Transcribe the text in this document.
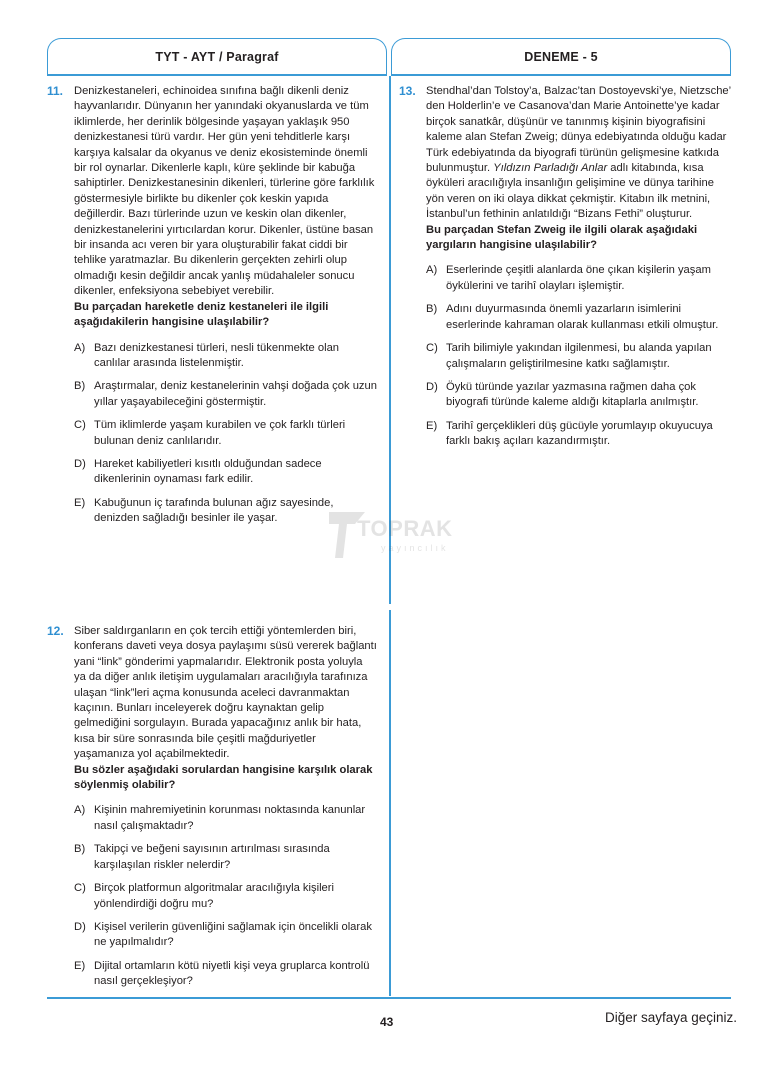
TYT - AYT / Paragraf	DENEME - 5
11. Denizkestaneleri, echinoidea sınıfına bağlı dikenli deniz hayvanlarıdır. Dünyanın her yanındaki okyanuslarda ve tüm iklimlerde, her derinlik bölgesinde yaşayan yaklaşık 950 denizkestanesi türü vardır. Her gün yeni tehditlerle karşı karşıya kalsalar da okyanus ve deniz ekosisteminde önemli bir rol oynarlar. Dikenlerle kaplı, küre şeklinde bir kabuğa sahiptirler. Denizkestanesinin dikenleri, türlerine göre farklılık göstermesiyle birlikte bu dikenler çok keskin yapıda değillerdir. Bazı türlerinde uzun ve keskin olan dikenler, denizkestanelerini yırtıcılardan korur. Dikenler, üstüne basan bir insanda acı veren bir yara oluşturabilir fakat ciddi bir tehlike yaratmazlar. Bu dikenlerin gerçekten zehirli olup olmadığı kesin değildir ancak yanlış müdahaleler sonucu dikenler, enfeksiyona sebebiyet verebilir.

Bu parçadan hareketle deniz kestaneleri ile ilgili aşağıdakilerin hangisine ulaşılabilir?

A) Bazı denizkestanesi türleri, nesli tükenmekte olan canlılar arasında listelenmiştir.
B) Araştırmalar, deniz kestanelerinin vahşi doğada çok uzun yıllar yaşayabileceğini göstermiştir.
C) Tüm iklimlerde yaşam kurabilen ve çok farklı türleri bulunan deniz canlılarıdır.
D) Hareket kabiliyetleri kısıtlı olduğundan sadece dikenlerinin oynaması fark edilir.
E) Kabuğunun iç tarafında bulunan ağız sayesinde, denizden sağladığı besinler ile yaşar.	TOPRAK
yayıncılık
12. Siber saldırganların en çok tercih ettiği yöntemlerden biri, konferans daveti veya dosya paylaşımı süsü vererek bağlantı yani “link” gönderimi yapmalarıdır. Elektronik posta yoluyla ya da diğer anlık iletişim uygulamaları aracılığıyla tarafınıza ulaşan “link”leri açma konusunda aceleci davranmaktan kaçının. Bunları inceleyerek doğru kaynaktan gelip gelmediğini sorgulayın. Burada yapacağınız anlık bir hata, kısa bir süre sonrasında bile çeşitli mağduriyetler yaşamanıza yol açabilmektedir.

Bu sözler aşağıdaki sorulardan hangisine karşılık olarak söylenmiş olabilir?

A) Kişinin mahremiyetinin korunması noktasında kanunlar nasıl çalışmaktadır?
B) Takipçi ve beğeni sayısının artırılması sırasında karşılaşılan riskler nelerdir?
C) Birçok platformun algoritmalar aracılığıyla kişileri yönlendirdiği doğru mu?
D) Kişisel verilerin güvenliğini sağlamak için öncelikli olarak ne yapılmalıdır?
E) Dijital ortamların kötü niyetli kişi veya gruplarca kontrolü nasıl gerçekleşiyor?
13. Stendhal’dan Tolstoy’a, Balzac’tan Dostoyevski’ye, Nietzsche’ den Holderlin’e ve Casanova’dan Marie Antoinette’ye kadar birçok sanatkâr, düşünür ve tanınmış kişinin biyografisini kaleme alan Stefan Zweig; dünya edebiyatında olduğu kadar Türk edebiyatında da biyografi türünün gelişmesine katkıda bulunmuştur. Yıldızın Parladığı Anlar adlı kitabında, kısa öyküleri aracılığıyla insanlığın gelişimine ve dünya tarihine yön veren on iki olaya dikkat çekmiştir. Kitabın ilk metnini, İstanbul’un fethinin anlatıldığı “Bizans Fethi” oluşturur.

Bu parçadan Stefan Zweig ile ilgili olarak aşağıdaki yargıların hangisine ulaşılabilir?

A) Eserlerinde çeşitli alanlarda öne çıkan kişilerin yaşam öykülerini ve tarihî olayları işlemiştir.
B) Adını duyurmasında önemli yazarların isimlerini eserlerinde kahraman olarak kullanması etkili olmuştur.
C) Tarih bilimiyle yakından ilgilenmesi, bu alanda yapılan çalışmaların geliştirilmesine katkı sağlamıştır.
D) Öykü türünde yazılar yazmasına rağmen daha çok biyografi türünde kaleme aldığı kitaplarla anılmıştır.
E) Tarihî gerçeklikleri düş gücüyle yorumlayıp okuyucuya farklı bakış açıları kazandırmıştır.
43	Diğer sayfaya geçiniz.
